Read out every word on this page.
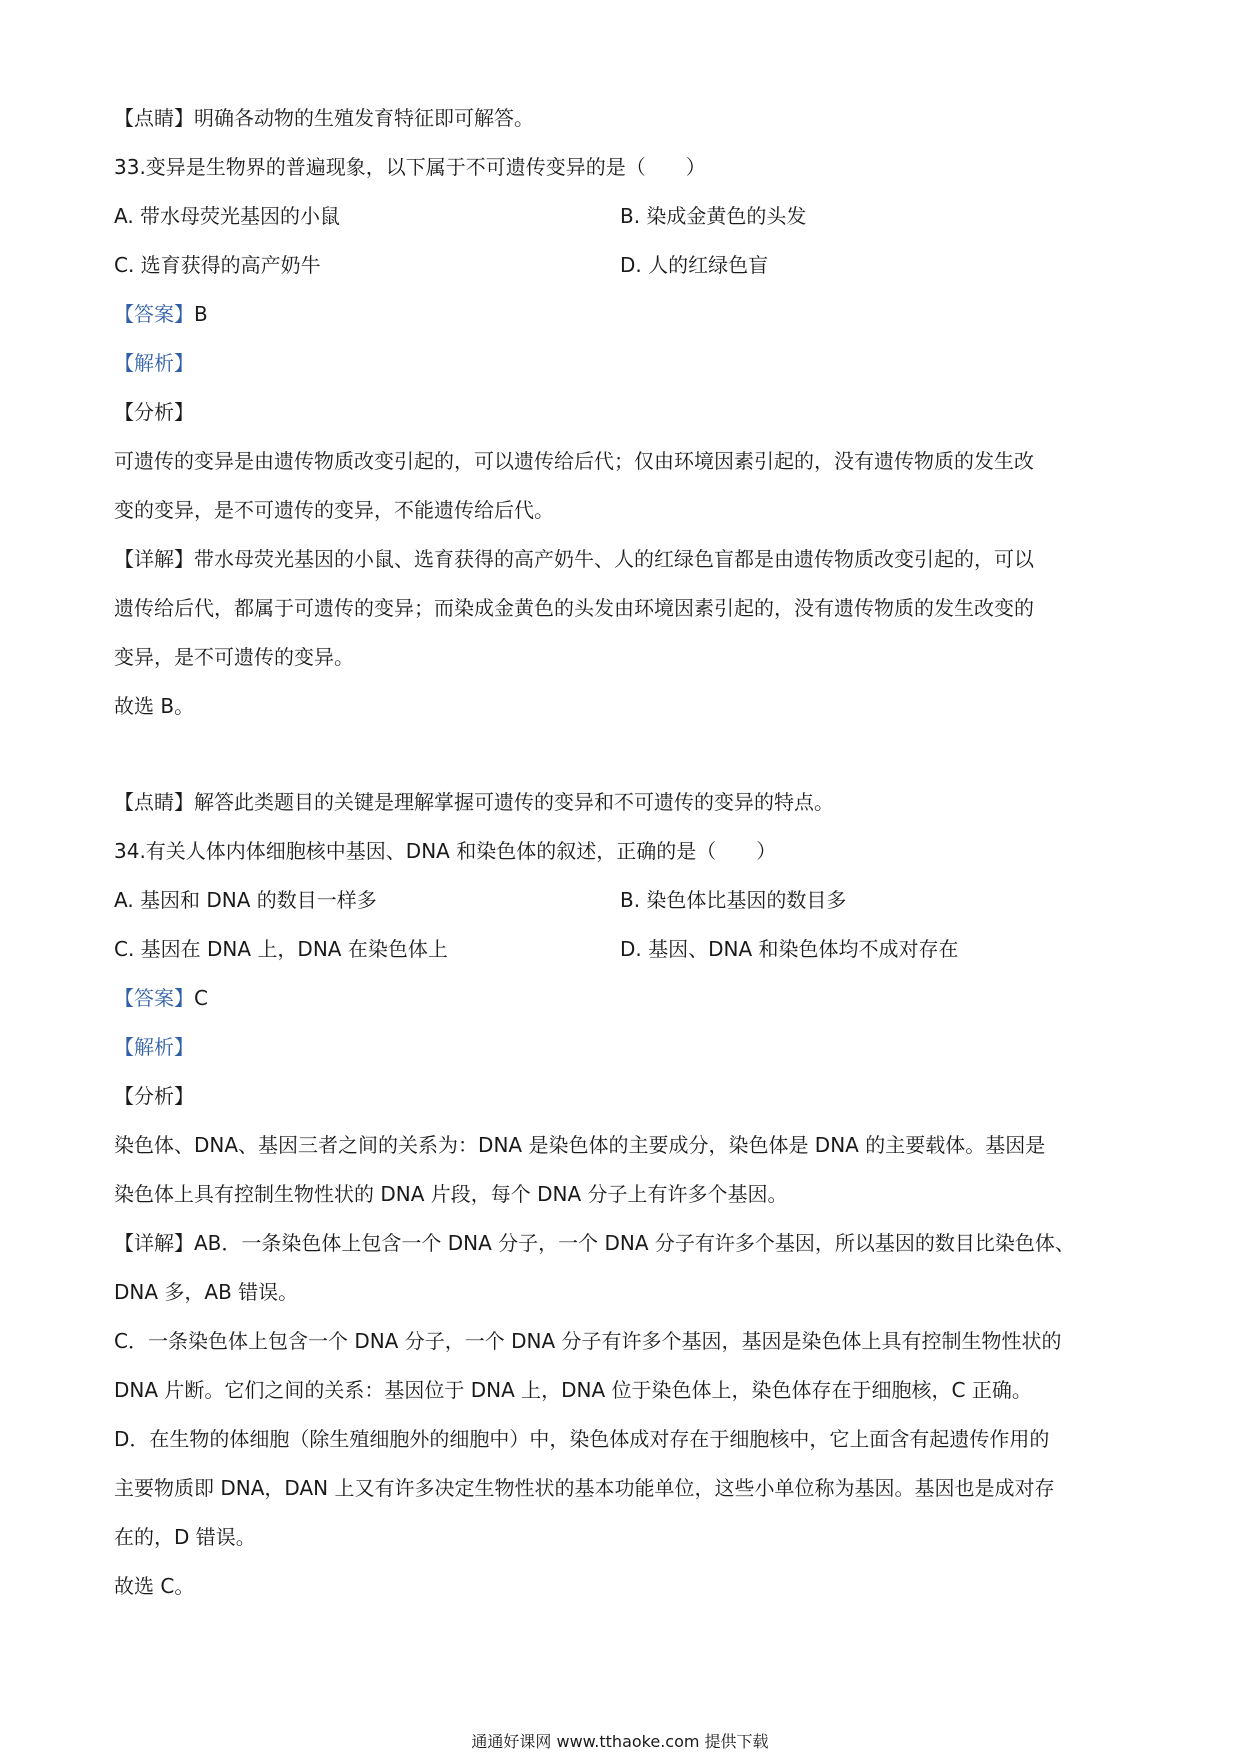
【点睛】明确各动物的生殖发育特征即可解答。
33.变异是生物界的普遍现象，以下属于不可遗传变异的是（　　）
A. 带水母荧光基因的小鼠	B. 染成金黄色的头发
C. 选育获得的高产奶牛	D. 人的红绿色盲
【答案】B
【解析】
【分析】
可遗传的变异是由遗传物质改变引起的，可以遗传给后代；仅由环境因素引起的，没有遗传物质的发生改
变的变异，是不可遗传的变异，不能遗传给后代。
【详解】带水母荧光基因的小鼠、选育获得的高产奶牛、人的红绿色盲都是由遗传物质改变引起的，可以
遗传给后代，都属于可遗传的变异；而染成金黄色的头发由环境因素引起的，没有遗传物质的发生改变的
变异，是不可遗传的变异。
故选 B。
【点睛】解答此类题目的关键是理解掌握可遗传的变异和不可遗传的变异的特点。
34.有关人体内体细胞核中基因、DNA 和染色体的叙述，正确的是（　　）
A. 基因和 DNA 的数目一样多	B. 染色体比基因的数目多
C. 基因在 DNA 上，DNA 在染色体上	D. 基因、DNA 和染色体均不成对存在
【答案】C
【解析】
【分析】
染色体、DNA、基因三者之间的关系为：DNA 是染色体的主要成分，染色体是 DNA 的主要载体。基因是
染色体上具有控制生物性状的 DNA 片段，每个 DNA 分子上有许多个基因。
【详解】AB．一条染色体上包含一个 DNA 分子，一个 DNA 分子有许多个基因，所以基因的数目比染色体、
DNA 多，AB 错误。
C．一条染色体上包含一个 DNA 分子，一个 DNA 分子有许多个基因，基因是染色体上具有控制生物性状的
DNA 片断。它们之间的关系：基因位于 DNA 上，DNA 位于染色体上，染色体存在于细胞核，C 正确。
D．在生物的体细胞（除生殖细胞外的细胞中）中，染色体成对存在于细胞核中，它上面含有起遗传作用的
主要物质即 DNA，DAN 上又有许多决定生物性状的基本功能单位，这些小单位称为基因。基因也是成对存
在的，D 错误。
故选 C。
通通好课网 www.tthaoke.com 提供下载
